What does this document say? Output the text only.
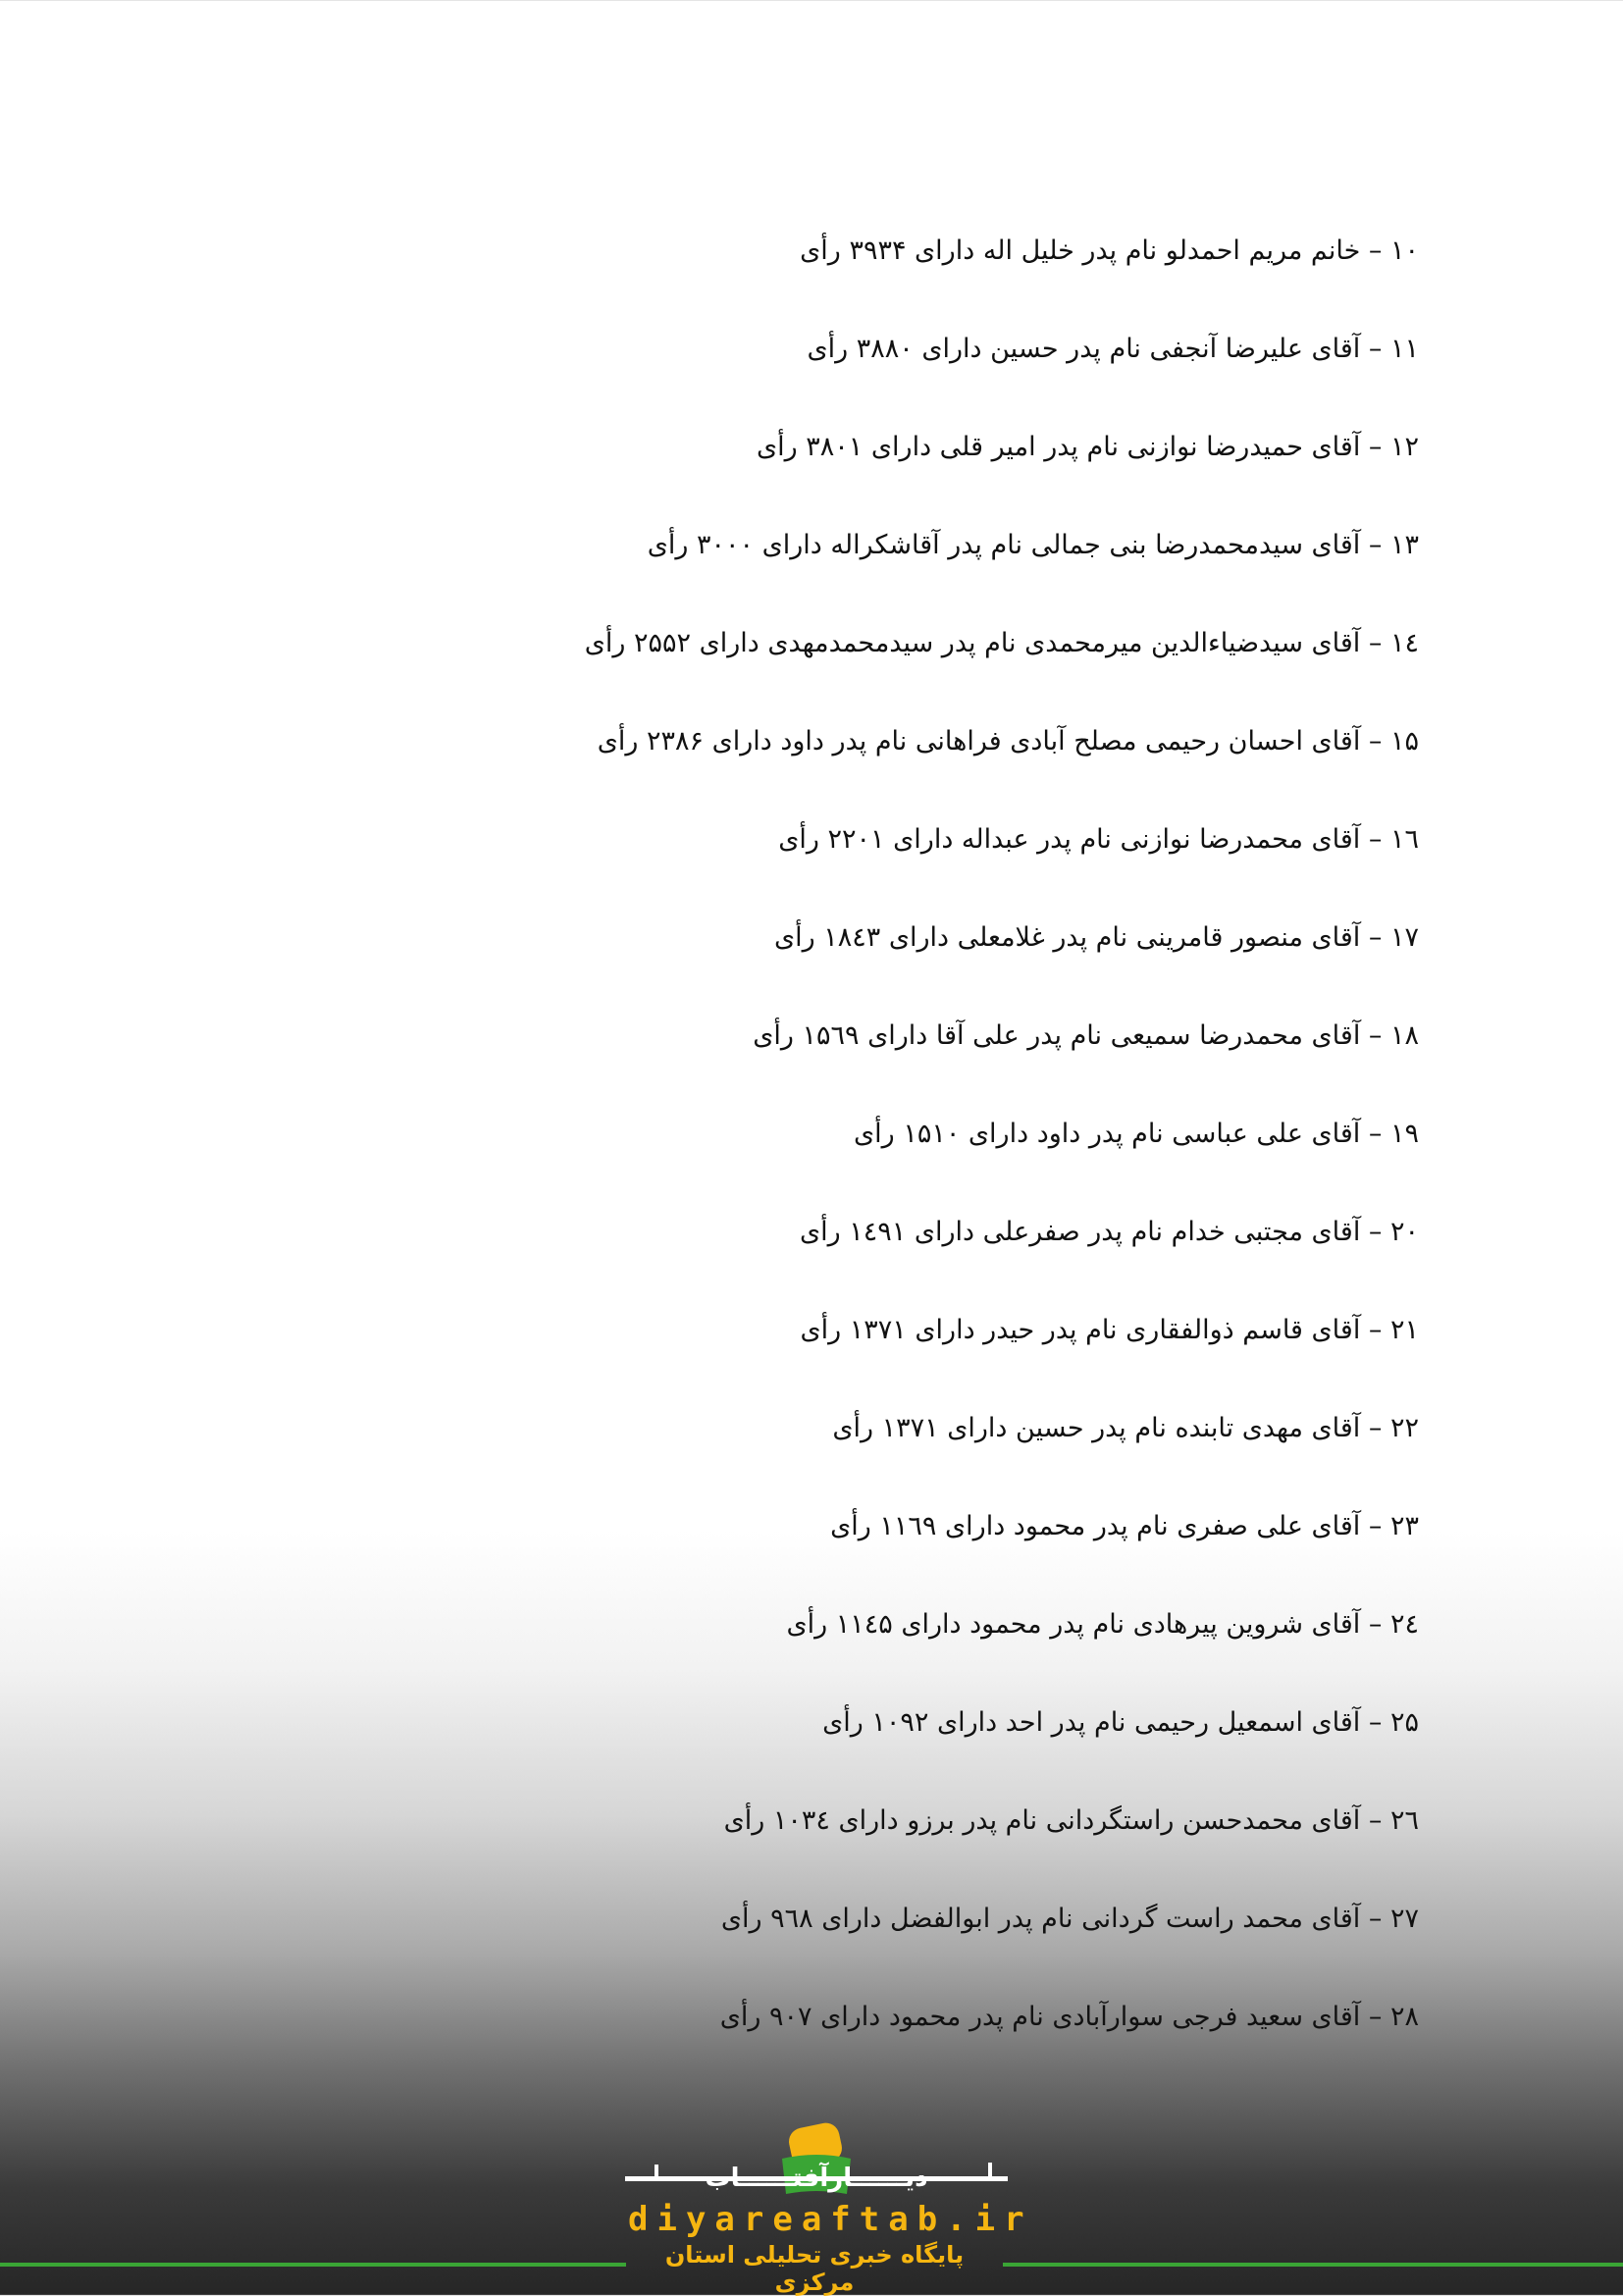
۱۰ – خانم مریم احمدلو نام پدر خلیل اله دارای ۳۹۳۴ رأی
۱۱ – آقای علیرضا آنجفی نام پدر حسین دارای ۳۸۸۰ رأی
۱۲ – آقای حمیدرضا نوازنی نام پدر امیر قلی دارای ۳۸۰۱ رأی
۱۳ – آقای سیدمحمدرضا بنی جمالی نام پدر آقاشکراله دارای ۳۰۰۰ رأی
۱٤ – آقای سیدضیاءالدین میرمحمدی نام پدر سیدمحمدمهدی دارای ۲۵۵۲ رأی
۱۵ – آقای احسان رحیمی مصلح آبادی فراهانی نام پدر داود دارای ۲۳۸۶ رأی
۱٦ – آقای محمدرضا نوازنی نام پدر عبداله دارای ۲۲۰۱ رأی
۱۷ – آقای منصور قامرینی نام پدر غلامعلی دارای ۱۸٤۳ رأی
۱۸ – آقای محمدرضا سمیعی نام پدر علی آقا دارای ۱۵٦۹ رأی
۱۹ – آقای علی عباسی نام پدر داود دارای ۱۵۱۰ رأی
۲۰ – آقای مجتبی خدام نام پدر صفرعلی دارای ۱٤۹۱ رأی
۲۱ – آقای قاسم ذوالفقاری نام پدر حیدر دارای ۱۳۷۱ رأی
۲۲ – آقای مهدی تابنده نام پدر حسین دارای ۱۳۷۱ رأی
۲۳ – آقای علی صفری نام پدر محمود دارای ۱۱٦۹ رأی
۲٤ – آقای شروین پیرهادی نام پدر محمود دارای ۱۱٤۵ رأی
۲۵ – آقای اسمعیل رحیمی نام پدر احد دارای ۱۰۹۲ رأی
۲٦ – آقای محمدحسن راستگردانی نام پدر برزو دارای ۱۰۳٤ رأی
۲۷ – آقای محمد راست گردانی نام پدر ابوالفضل دارای ۹٦۸ رأی
۲۸ – آقای سعید فرجی سوارآبادی نام پدر محمود دارای ۹۰۷ رأی
دیــــــارآفتــــــاب
diyareaftab.ir
پایگاه خبری تحلیلی استان مرکزی
